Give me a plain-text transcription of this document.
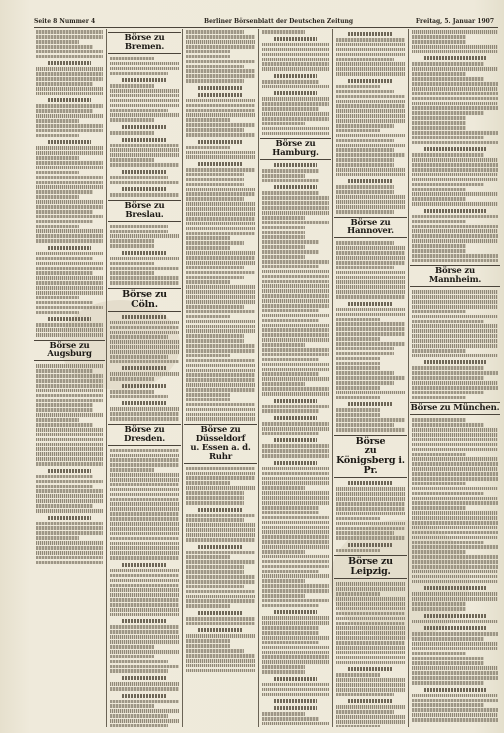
Seite 8 Nummer 4	Berliner Börsenblatt der Deutschen Zeitung	Freitag, 5. Januar 1907
Börse zu Augsburg
Börse zu Bremen.
Börse zu Breslau.
Börse zu Cöln.
Börse zu Dresden.
Börse zu Düsseldorf
u. Essen a. d. Ruhr
Börse zu Hamburg.
Börse zu Hannover.
Börse
zu Königsberg i. Pr.
Börse zu Leipzig.
Börse zu Mannheim.
Börse zu München.
